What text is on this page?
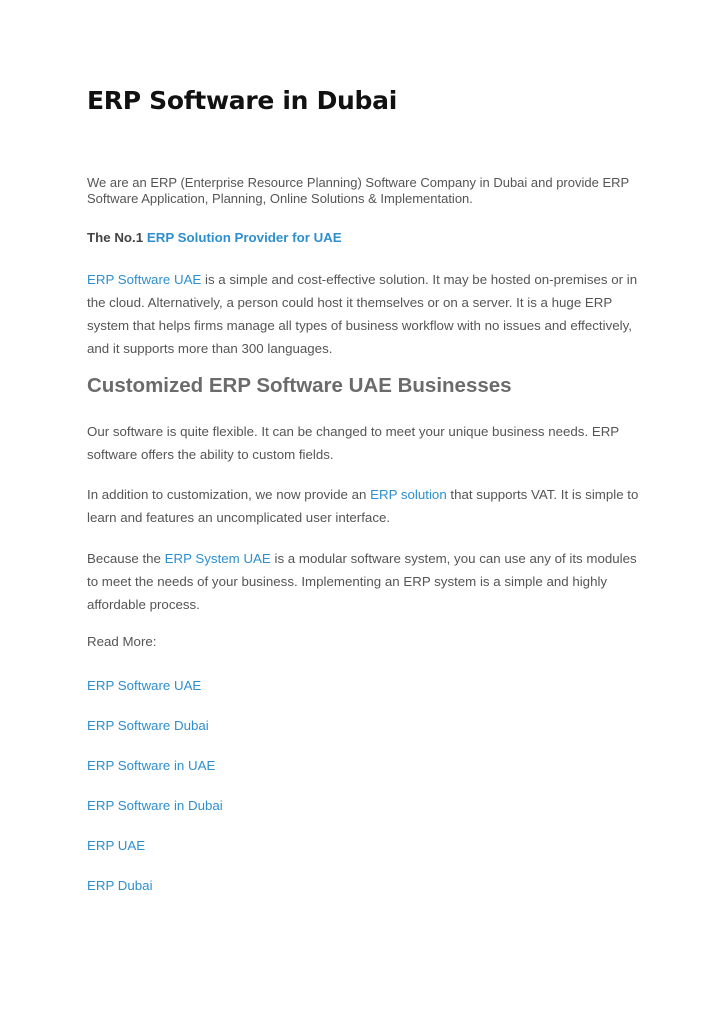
ERP Software in Dubai

We are an ERP (Enterprise Resource Planning) Software Company in Dubai and provide ERP Software Application, Planning, Online Solutions & Implementation.

The No.1 ERP Solution Provider for UAE

ERP Software UAE is a simple and cost-effective solution. It may be hosted on-premises or in the cloud. Alternatively, a person could host it themselves or on a server. It is a huge ERP system that helps firms manage all types of business workflow with no issues and effectively, and it supports more than 300 languages.

Customized ERP Software UAE Businesses

Our software is quite flexible. It can be changed to meet your unique business needs. ERP software offers the ability to custom fields.

In addition to customization, we now provide an ERP solution that supports VAT. It is simple to learn and features an uncomplicated user interface.

Because the ERP System UAE is a modular software system, you can use any of its modules to meet the needs of your business. Implementing an ERP system is a simple and highly affordable process.

Read More:

ERP Software UAE
ERP Software Dubai
ERP Software in UAE
ERP Software in Dubai
ERP UAE
ERP Dubai
